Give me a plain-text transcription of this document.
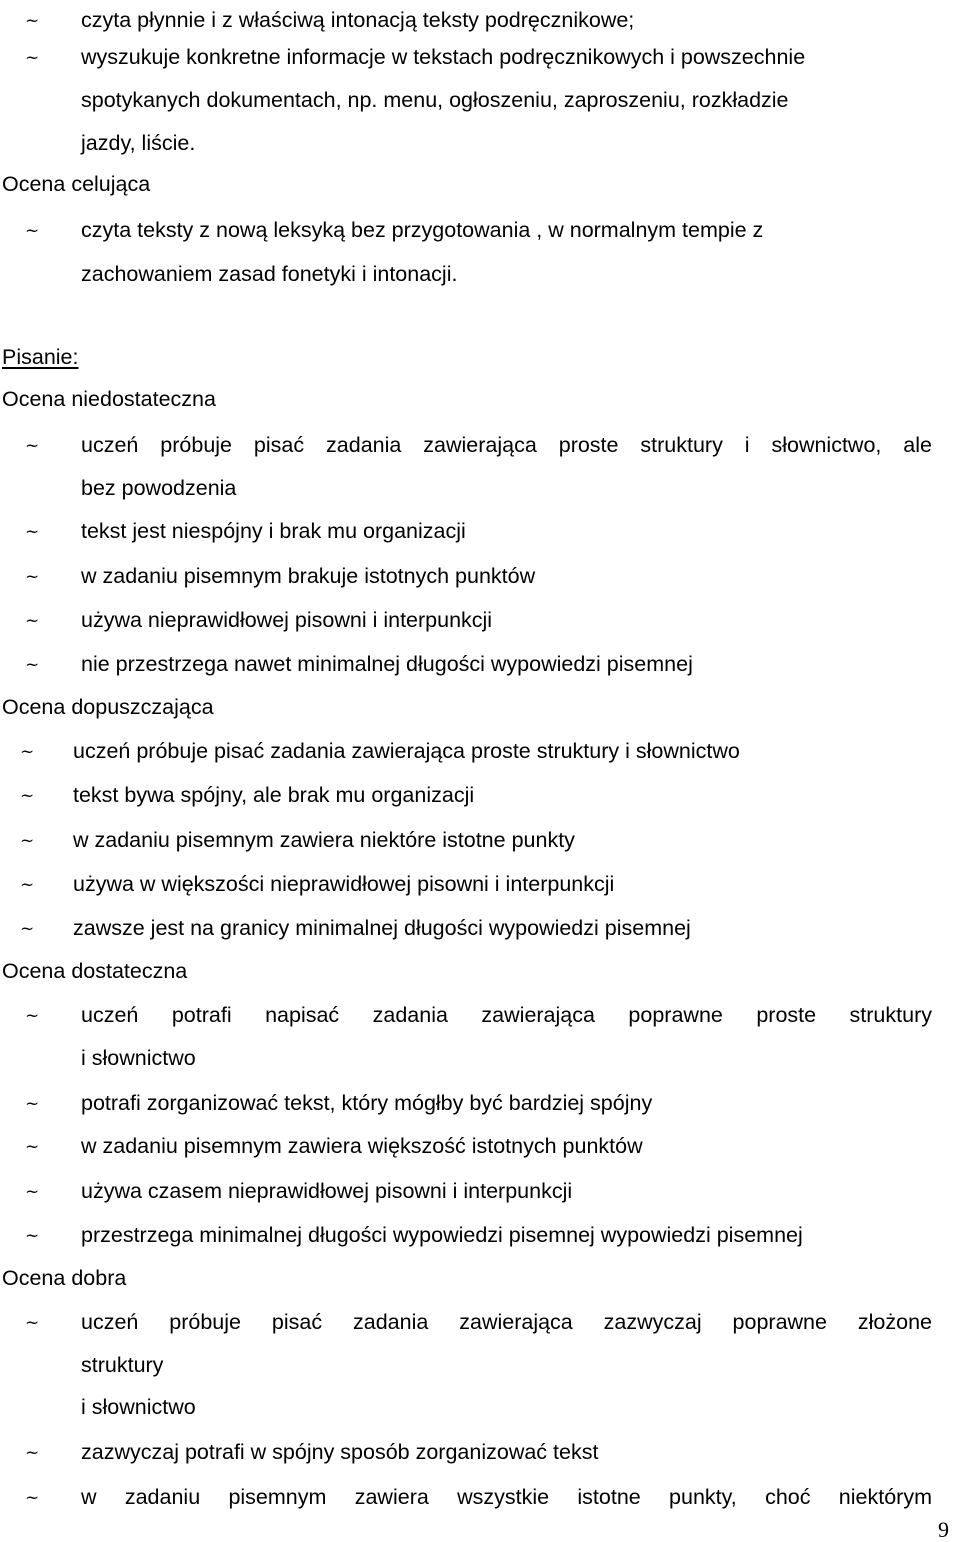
~ czyta płynnie i z właściwą intonacją teksty podręcznikowe;
~ wyszukuje konkretne informacje w tekstach podręcznikowych i powszechnie
spotykanych dokumentach, np. menu, ogłoszeniu, zaproszeniu, rozkładzie
jazdy, liście.
Ocena celująca
~ czyta teksty z nową leksyką bez przygotowania , w normalnym tempie z
zachowaniem zasad fonetyki i intonacji.
Pisanie:
Ocena niedostateczna
~ uczeń próbuje pisać zadania zawierająca proste struktury i słownictwo, ale
bez powodzenia
~ tekst jest niespójny i brak mu organizacji
~ w zadaniu pisemnym brakuje istotnych punktów
~ używa nieprawidłowej pisowni i interpunkcji
~ nie przestrzega nawet minimalnej długości wypowiedzi pisemnej
Ocena dopuszczająca
~ uczeń próbuje pisać zadania zawierająca proste struktury i słownictwo
~ tekst bywa spójny, ale brak mu organizacji
~ w zadaniu pisemnym zawiera niektóre istotne punkty
~ używa w większości nieprawidłowej pisowni i interpunkcji
~ zawsze jest na granicy minimalnej długości wypowiedzi pisemnej
Ocena dostateczna
~ uczeń potrafi napisać zadania zawierająca poprawne proste struktury
i słownictwo
~ potrafi zorganizować tekst, który mógłby być bardziej spójny
~ w zadaniu pisemnym zawiera większość istotnych punktów
~ używa czasem nieprawidłowej pisowni i interpunkcji
~ przestrzega minimalnej długości wypowiedzi pisemnej wypowiedzi pisemnej
Ocena dobra
~ uczeń próbuje pisać zadania zawierająca zazwyczaj poprawne złożone
struktury
i słownictwo
~ zazwyczaj potrafi w spójny sposób zorganizować tekst
~ w zadaniu pisemnym zawiera wszystkie istotne punkty, choć niektórym
9
